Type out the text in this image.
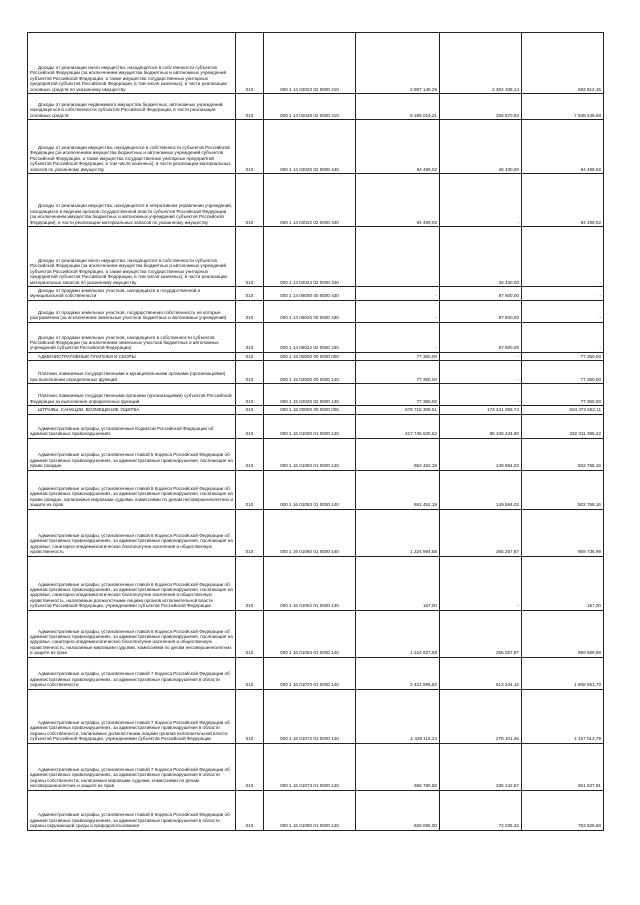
Доходы от реализации иного имущества, находящегося в собственности субъектов Российской Федерации (за исключением имущества бюджетных и автономных учреждений субъектов Российской Федерации, а также имущества государственных унитарных предприятий субъектов Российской Федерации, в том числе казенных), в части реализации основных средств по указанному имуществу	010	000 1 14 02023 02 0000 410	2 897 148,29	2 304 336,14	592 812,15
Доходы от реализации недвижимого имущества бюджетных, автономных учреждений, находящегося в собственности субъектов Российской Федерации, в части реализации основных средств	010	000 1 14 02028 02 0000 410	8 185 019,21	336 570,53	7 848 448,68
Доходы от реализации имущества, находящегося в собственности субъектов Российской Федерации (за исключением имущества бюджетных и автономных учреждений субъектов Российской Федерации, а также имущества государственных унитарных предприятий субъектов Российской Федерации, в том числе казенных), в части реализации материальных запасов по указанному имуществу	010	000 1 14 02020 02 0000 440	94 499,02	26 430,00	94 499,02
Доходы от реализации имущества, находящегося в оперативном управлении учреждений, находящихся в ведении органов государственной власти субъектов Российской Федерации (за исключением имущества бюджетных и автономных учреждений субъектов Российской Федерации), в части реализации материальных запасов по указанному имуществу	010	000 1 14 02022 02 0000 440	94 499,02	-	94 499,02
Доходы от реализации иного имущества, находящегося в собственности субъектов Российской Федерации (за исключением имущества бюджетных и автономных учреждений субъектов Российской Федерации, а также имущества государственных унитарных предприятий субъектов Российской Федерации, в том числе казенных), в части реализации материальных запасов по указанному имуществу	010	000 1 14 02023 02 0000 440	-	26 430,00	-
Доходы от продажи земельных участков, находящихся в государственной и муниципальной собственности	010	000 1 14 06000 00 0000 430	-	87 600,00	-
Доходы от продажи земельных участков, государственная собственность на которые разграничена (за исключением земельных участков бюджетных и автономных учреждений)	010	000 1 14 06020 00 0000 430	-	87 600,00	-
Доходы от продажи земельных участков, находящихся в собственности субъектов Российской Федерации (за исключением земельных участков бюджетных и автономных учреждений субъектов Российской Федерации)	010	000 1 14 06022 02 0000 430	-	87 600,00	-
АДМИНИСТРАТИВНЫЕ ПЛАТЕЖИ И СБОРЫ	010	000 1 15 00000 00 0000 000	77 350,00	-	77 350,00
Платежи, взимаемые государственными и муниципальными органами (организациями) при выполнении определенных функций	010	000 1 15 02000 00 0000 140	77 350,00	-	77 350,00
Платежи, взимаемые государственными органами (организациями) субъектов Российской Федерации за выполнение определенных функций	010	000 1 15 02020 02 0000 140	77 350,00	-	77 350,00
ШТРАФЫ, САНКЦИИ, ВОЗМЕЩЕНИЕ УЩЕРБА	010	000 1 16 00000 00 0000 000	678 715 308,51	174 241 066,74	504 473 662,11
Административные штрафы, установленные Кодексом Российской Федерации об административных правонарушениях	010	000 1 16 01000 01 0000 140	417 745 630,82	85 438 434,60	332 311 396,22
Административные штрафы, установленные главой 5 Кодекса Российской Федерации об административных правонарушениях, за административные правонарушения, посягающие на права граждан	010	000 1 16 01050 01 0000 140	652 452,19	149 684,03	502 768,16
Административные штрафы, установленные главой 5 Кодекса Российской Федерации об административных правонарушениях, за административные правонарушения, посягающие на права граждан, налагаемые мировыми судьями, комиссиями по делам несовершеннолетних и защите их прав	010	000 1 16 01053 01 0000 140	652 452,19	149 684,03	502 768,16
Административные штрафы, установленные главой 6 Кодекса Российской Федерации об административных правонарушениях, за административные правонарушения, посягающие на здоровье, санитарно-эпидемиологическое благополучие населения и общественную нравственность	010	000 1 16 01060 01 0000 140	1 224 994,58	265 257,87	959 736,99
Административные штрафы, установленные главой 6 Кодекса Российской Федерации об административных правонарушениях, за административные правонарушения, посягающие на здоровье, санитарно-эпидемиологическое благополучие населения и общественную нравственность, налагаемые должностными лицами органов исполнительной власти субъектов Российской Федерации, учреждениями субъектов Российской Федерации	010	000 1 16 01062 01 0000 140	167,00	-	167,00
Административные штрафы, установленные главой 6 Кодекса Российской Федерации об административных правонарушениях, за административные правонарушения, посягающие на здоровье, санитарно-эпидемиологическое благополучие населения и общественную нравственность, налагаемые мировыми судьями, комиссиями по делам несовершеннолетних и защите их прав	010	000 1 16 01063 01 0000 140	1 224 827,58	265 257,87	959 569,99
Административные штрафы, установленные главой 7 Кодекса Российской Федерации об административных правонарушениях, за административные правонарушения в области охраны собственности	010	000 1 16 01070 01 0000 140	2 421 895,82	613 244,12	1 808 651,70
Административные штрафы, установленные главой 7 Кодекса Российской Федерации об административных правонарушениях, за административные правонарушения в области охраны собственности, налагаемые должностными лицами органов исполнительной власти субъектов Российской Федерации, учреждениями субъектов Российской Федерации	010	000 1 16 01072 01 0000 140	1 435 115,24	278 101,45	1 157 013,79
Административные штрафы, установленные главой 7 Кодекса Российской Федерации об административных правонарушениях, за административные правонарушения в области охраны собственности, налагаемые мировыми судьями, комиссиями по делам несовершеннолетних и защите их прав	010	000 1 16 01073 01 0000 140	986 780,58	335 142,67	651 637,91
Административные штрафы, установленные главой 8 Кодекса Российской Федерации об административных правонарушениях, за административные правонарушения в области охраны окружающей среды и природопользования	010	000 1 16 01080 01 0000 140	826 065,00	72 235,32	753 829,68
